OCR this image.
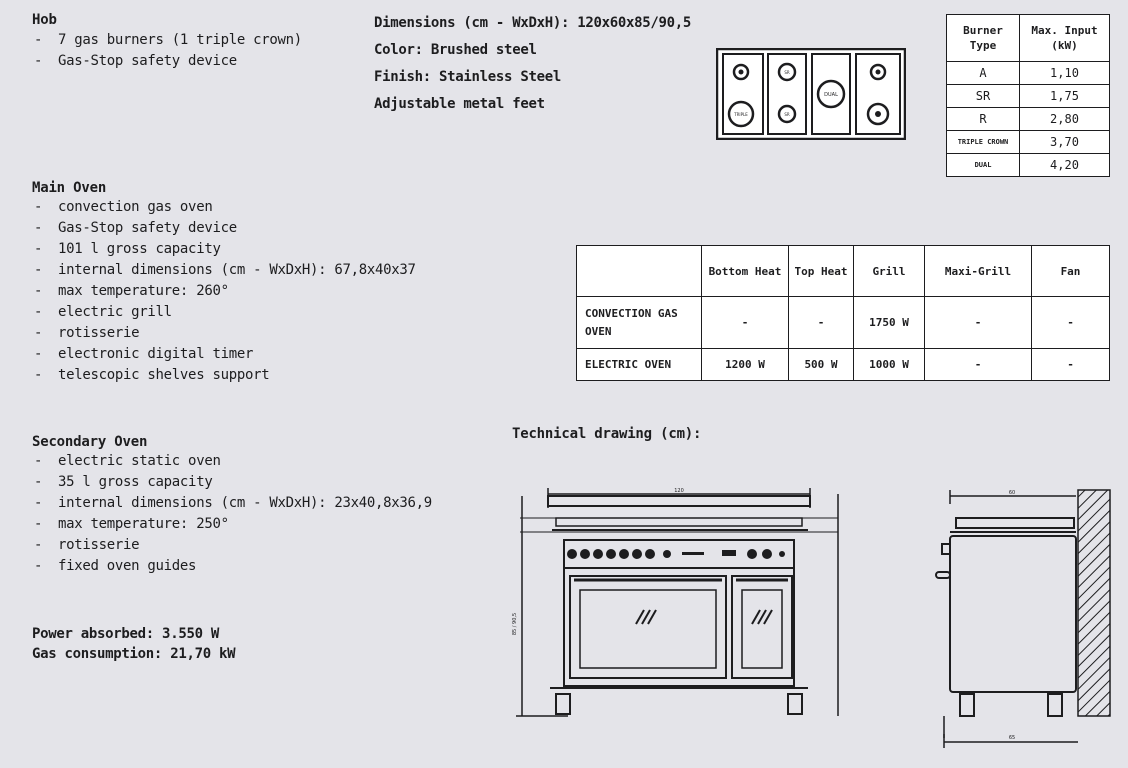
Hob
- 7 gas burners (1 triple crown)
- Gas-Stop safety device
Dimensions (cm - WxDxH): 120x60x85/90,5
Color: Brushed steel
Finish: Stainless Steel
Adjustable metal feet
TRIPLE
SR
SR
DUAL
Burner Type	Max. Input (kW)
A	1,10
SR	1,75
R	2,80
TRIPLE CROWN	3,70
DUAL	4,20
Main Oven
- convection gas oven
- Gas-Stop safety device
- 101 l gross capacity
- internal dimensions (cm - WxDxH): 67,8x40x37
- max temperature: 260°
- electric grill
- rotisserie
- electronic digital timer
- telescopic shelves support
	Bottom Heat	Top Heat	Grill	Maxi-Grill	Fan
CONVECTION GAS OVEN	-	-	1750 W	-	-
ELECTRIC OVEN	1200 W	500 W	1000 W	-	-
Secondary Oven
- electric static oven
- 35 l gross capacity
- internal dimensions (cm - WxDxH): 23x40,8x36,9
- max temperature: 250°
- rotisserie
- fixed oven guides
Power absorbed: 3.550 W
Gas consumption: 21,70 kW
Technical drawing (cm):
120
85 / 90,5
60
65
